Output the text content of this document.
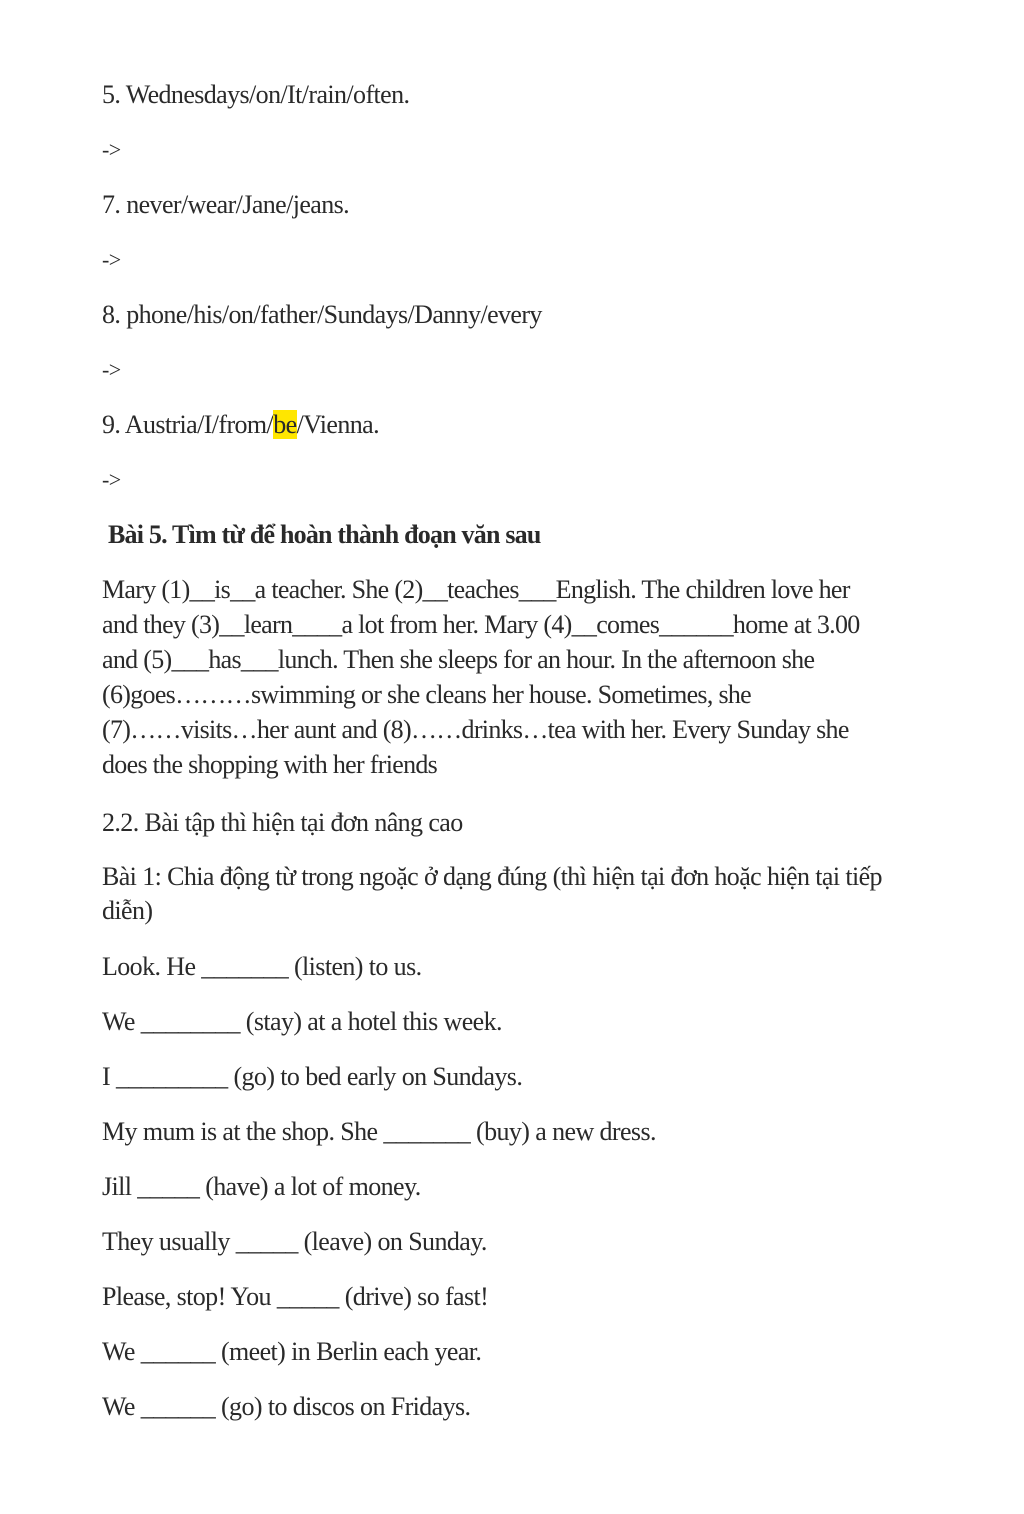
5. Wednesdays/on/It/rain/often.
->
7. never/wear/Jane/jeans.
->
8. phone/his/on/father/Sundays/Danny/every
->
9. Austria/I/from/be/Vienna.
->
Bài 5. Tìm từ để hoàn thành đoạn văn sau
Mary (1)__is__a teacher. She (2)__teaches___English. The children love her
and they (3)__learn____a lot from her. Mary (4)__comes______home at 3.00
and (5)___has___lunch. Then she sleeps for an hour. In the afternoon she
(6)goes………swimming or she cleans her house. Sometimes, she
(7)……visits…her aunt and (8)……drinks…tea with her. Every Sunday she
does the shopping with her friends
2.2. Bài tập thì hiện tại đơn nâng cao
Bài 1: Chia động từ trong ngoặc ở dạng đúng (thì hiện tại đơn hoặc hiện tại tiếp
diễn)
Look. He _______ (listen) to us.
We ________ (stay) at a hotel this week.
I _________ (go) to bed early on Sundays.
My mum is at the shop. She _______ (buy) a new dress.
Jill _____ (have) a lot of money.
They usually _____ (leave) on Sunday.
Please, stop! You _____ (drive) so fast!
We ______ (meet) in Berlin each year.
We ______ (go) to discos on Fridays.
